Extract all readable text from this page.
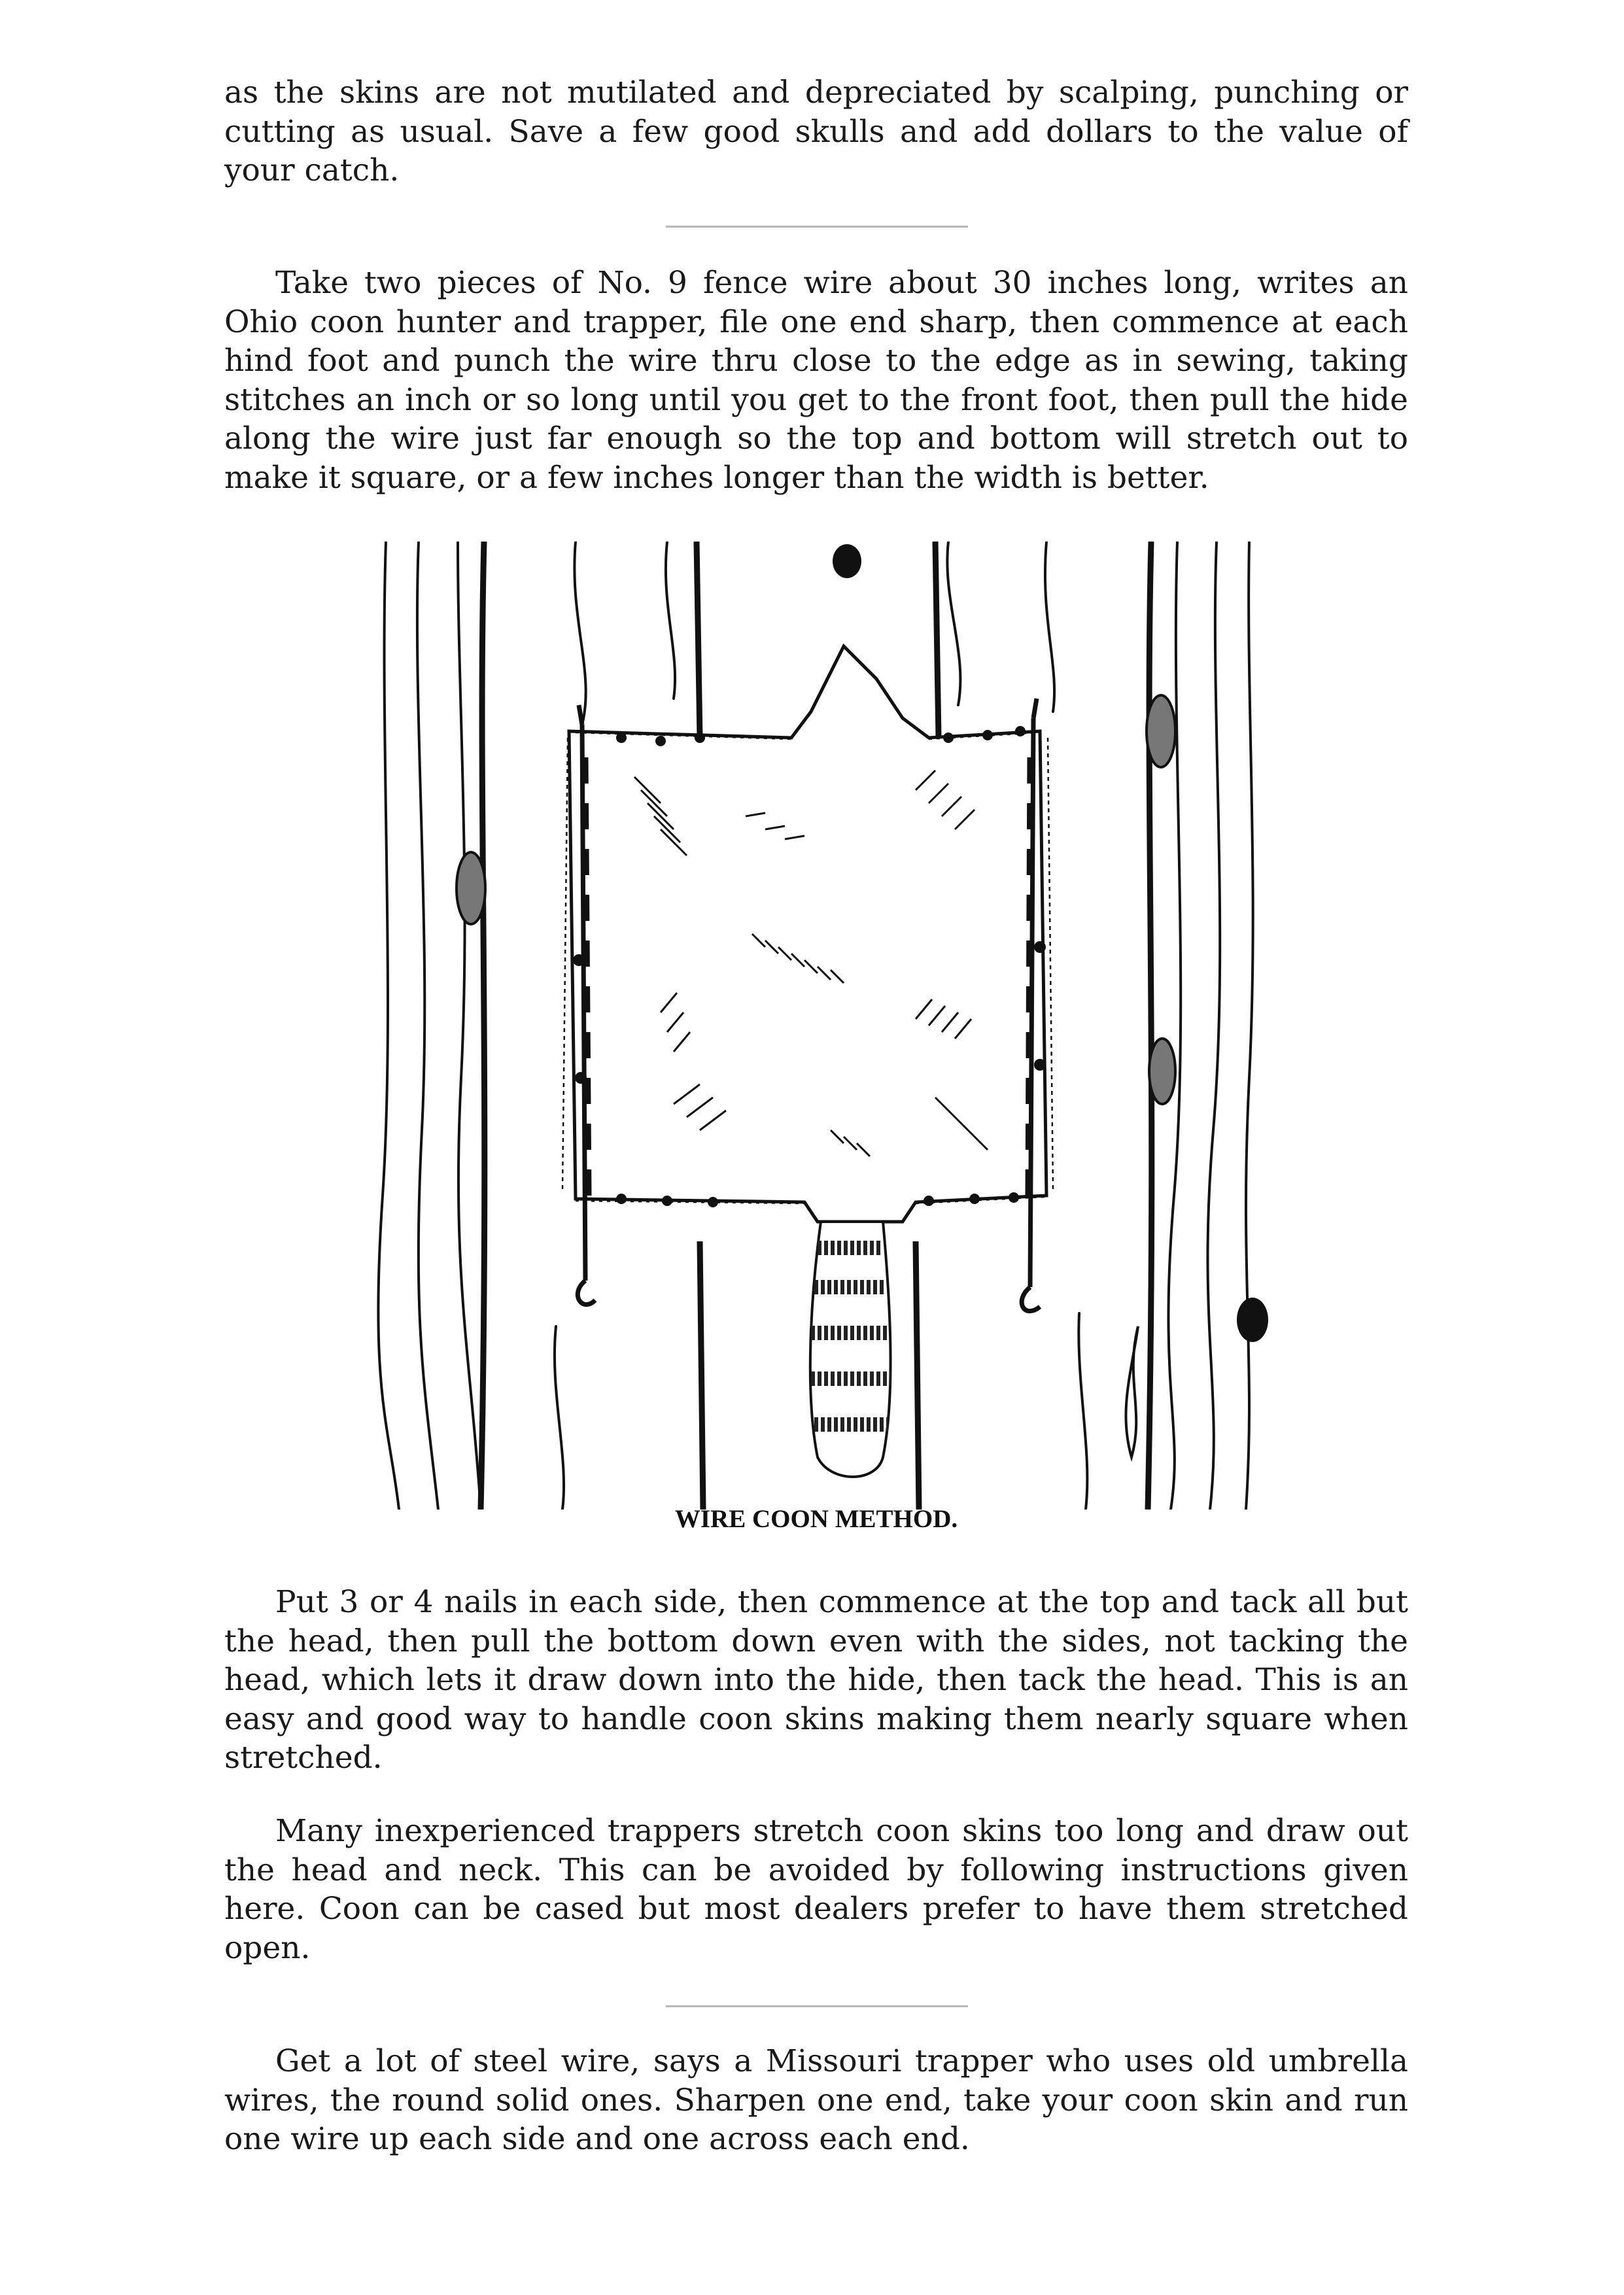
as the skins are not mutilated and depreciated by scalping, punching or cutting as usual. Save a few good skulls and add dollars to the value of your catch.

Take two pieces of No. 9 fence wire about 30 inches long, writes an Ohio coon hunter and trapper, file one end sharp, then commence at each hind foot and punch the wire thru close to the edge as in sewing, taking stitches an inch or so long until you get to the front foot, then pull the hide along the wire just far enough so the top and bottom will stretch out to make it square, or a few inches longer than the width is better.

WIRE COON METHOD.

Put 3 or 4 nails in each side, then commence at the top and tack all but the head, then pull the bottom down even with the sides, not tacking the head, which lets it draw down into the hide, then tack the head. This is an easy and good way to handle coon skins making them nearly square when stretched.

Many inexperienced trappers stretch coon skins too long and draw out the head and neck. This can be avoided by following instructions given here. Coon can be cased but most dealers prefer to have them stretched open.

Get a lot of steel wire, says a Missouri trapper who uses old umbrella wires, the round solid ones. Sharpen one end, take your coon skin and run one wire up each side and one across each end.
